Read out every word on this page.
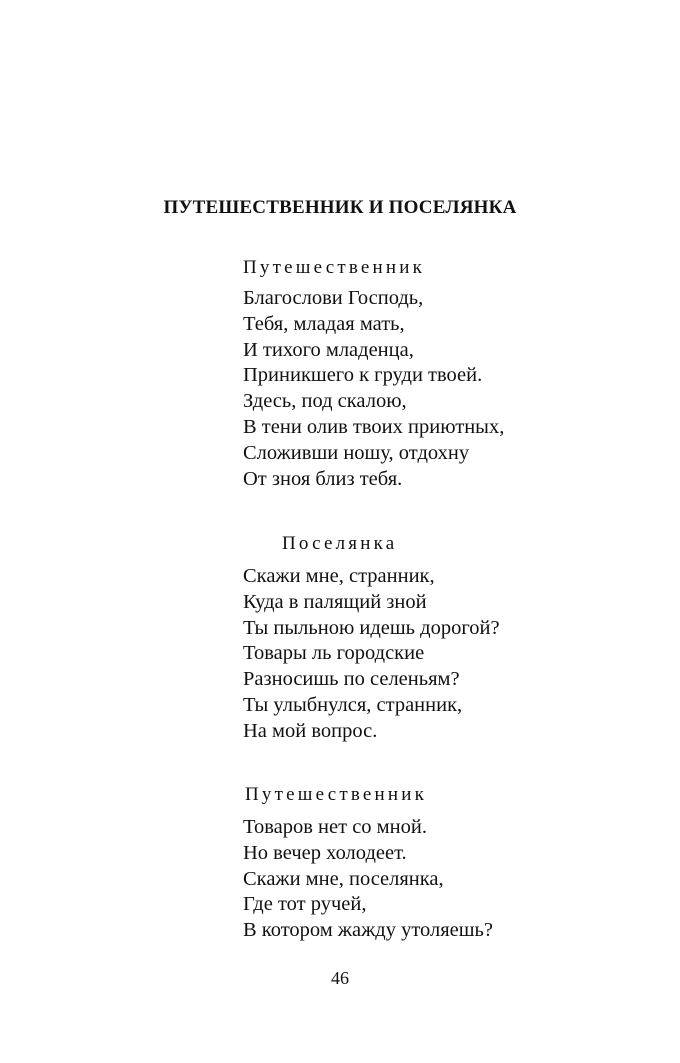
ПУТЕШЕСТВЕННИК И ПОСЕЛЯНКА

Путешественник

Благослови Господь,
Тебя, младая мать,
И тихого младенца,
Приникшего к груди твоей.
Здесь, под скалою,
В тени олив твоих приютных,
Сложивши ношу, отдохну
От зноя близ тебя.

Поселянка

Скажи мне, странник,
Куда в палящий зной
Ты пыльною идешь дорогой?
Товары ль городские
Разносишь по селеньям?
Ты улыбнулся, странник,
На мой вопрос.

Путешественник

Товаров нет со мной.
Но вечер холодеет.
Скажи мне, поселянка,
Где тот ручей,
В котором жажду утоляешь?

46
